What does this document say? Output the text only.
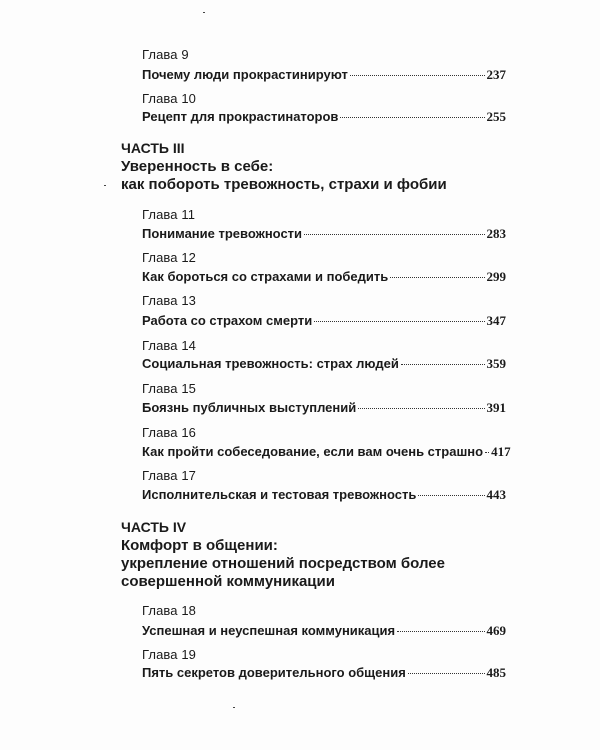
Глава 9
Почему люди прокрастинируют	237
Глава 10
Рецепт для прокрастинаторов	255
ЧАСТЬ III
Уверенность в себе:
как побороть тревожность, страхи и фобии
Глава 11
Понимание тревожности	283
Глава 12
Как бороться со страхами и победить	299
Глава 13
Работа со страхом смерти	347
Глава 14
Социальная тревожность: страх людей	359
Глава 15
Боязнь публичных выступлений	391
Глава 16
Как пройти собеседование, если вам очень страшно 417
Глава 17
Исполнительская и тестовая тревожность	443
ЧАСТЬ IV
Комфорт в общении:
укрепление отношений посредством более
совершенной коммуникации
Глава 18
Успешная и неуспешная коммуникация	469
Глава 19
Пять секретов доверительного общения	485
